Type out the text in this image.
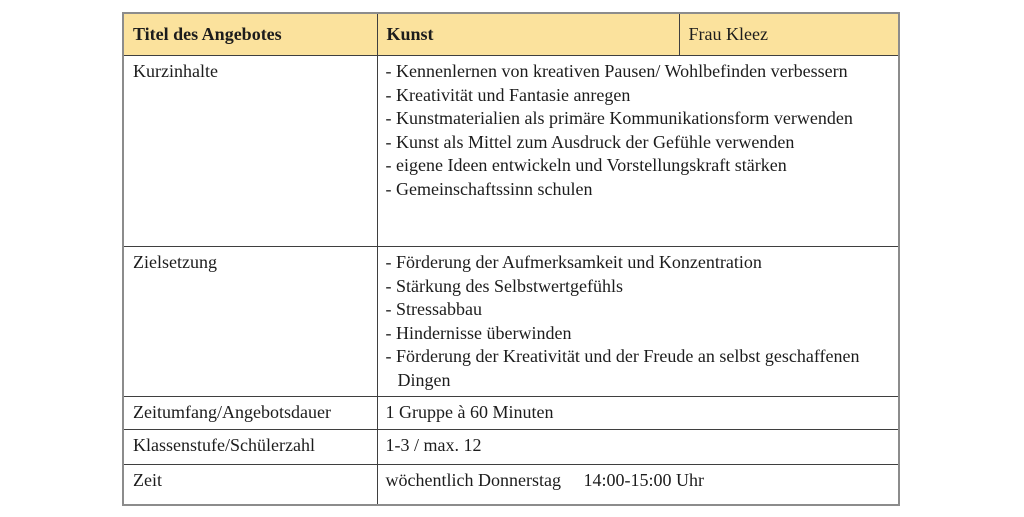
Titel des Angebotes	Kunst	Frau Kleez
Kurzinhalte	- Kennenlernen von kreativen Pausen/ Wohlbefinden verbessern
- Kreativität und Fantasie anregen
- Kunstmaterialien als primäre Kommunikationsform verwenden
- Kunst als Mittel zum Ausdruck der Gefühle verwenden
- eigene Ideen entwickeln und Vorstellungskraft stärken
- Gemeinschaftssinn schulen

Zielsetzung	- Förderung der Aufmerksamkeit und Konzentration
- Stärkung des Selbstwertgefühls
- Stressabbau
- Hindernisse überwinden
- Förderung der Kreativität und der Freude an selbst geschaffenen Dingen	

Zeitumfang/Angebotsdauer	1 Gruppe à 60 Minuten	
Klassenstufe/Schülerzahl	1-3 / max. 12	
Zeit	wöchentlich Donnerstag     14:00-15:00 Uhr	
